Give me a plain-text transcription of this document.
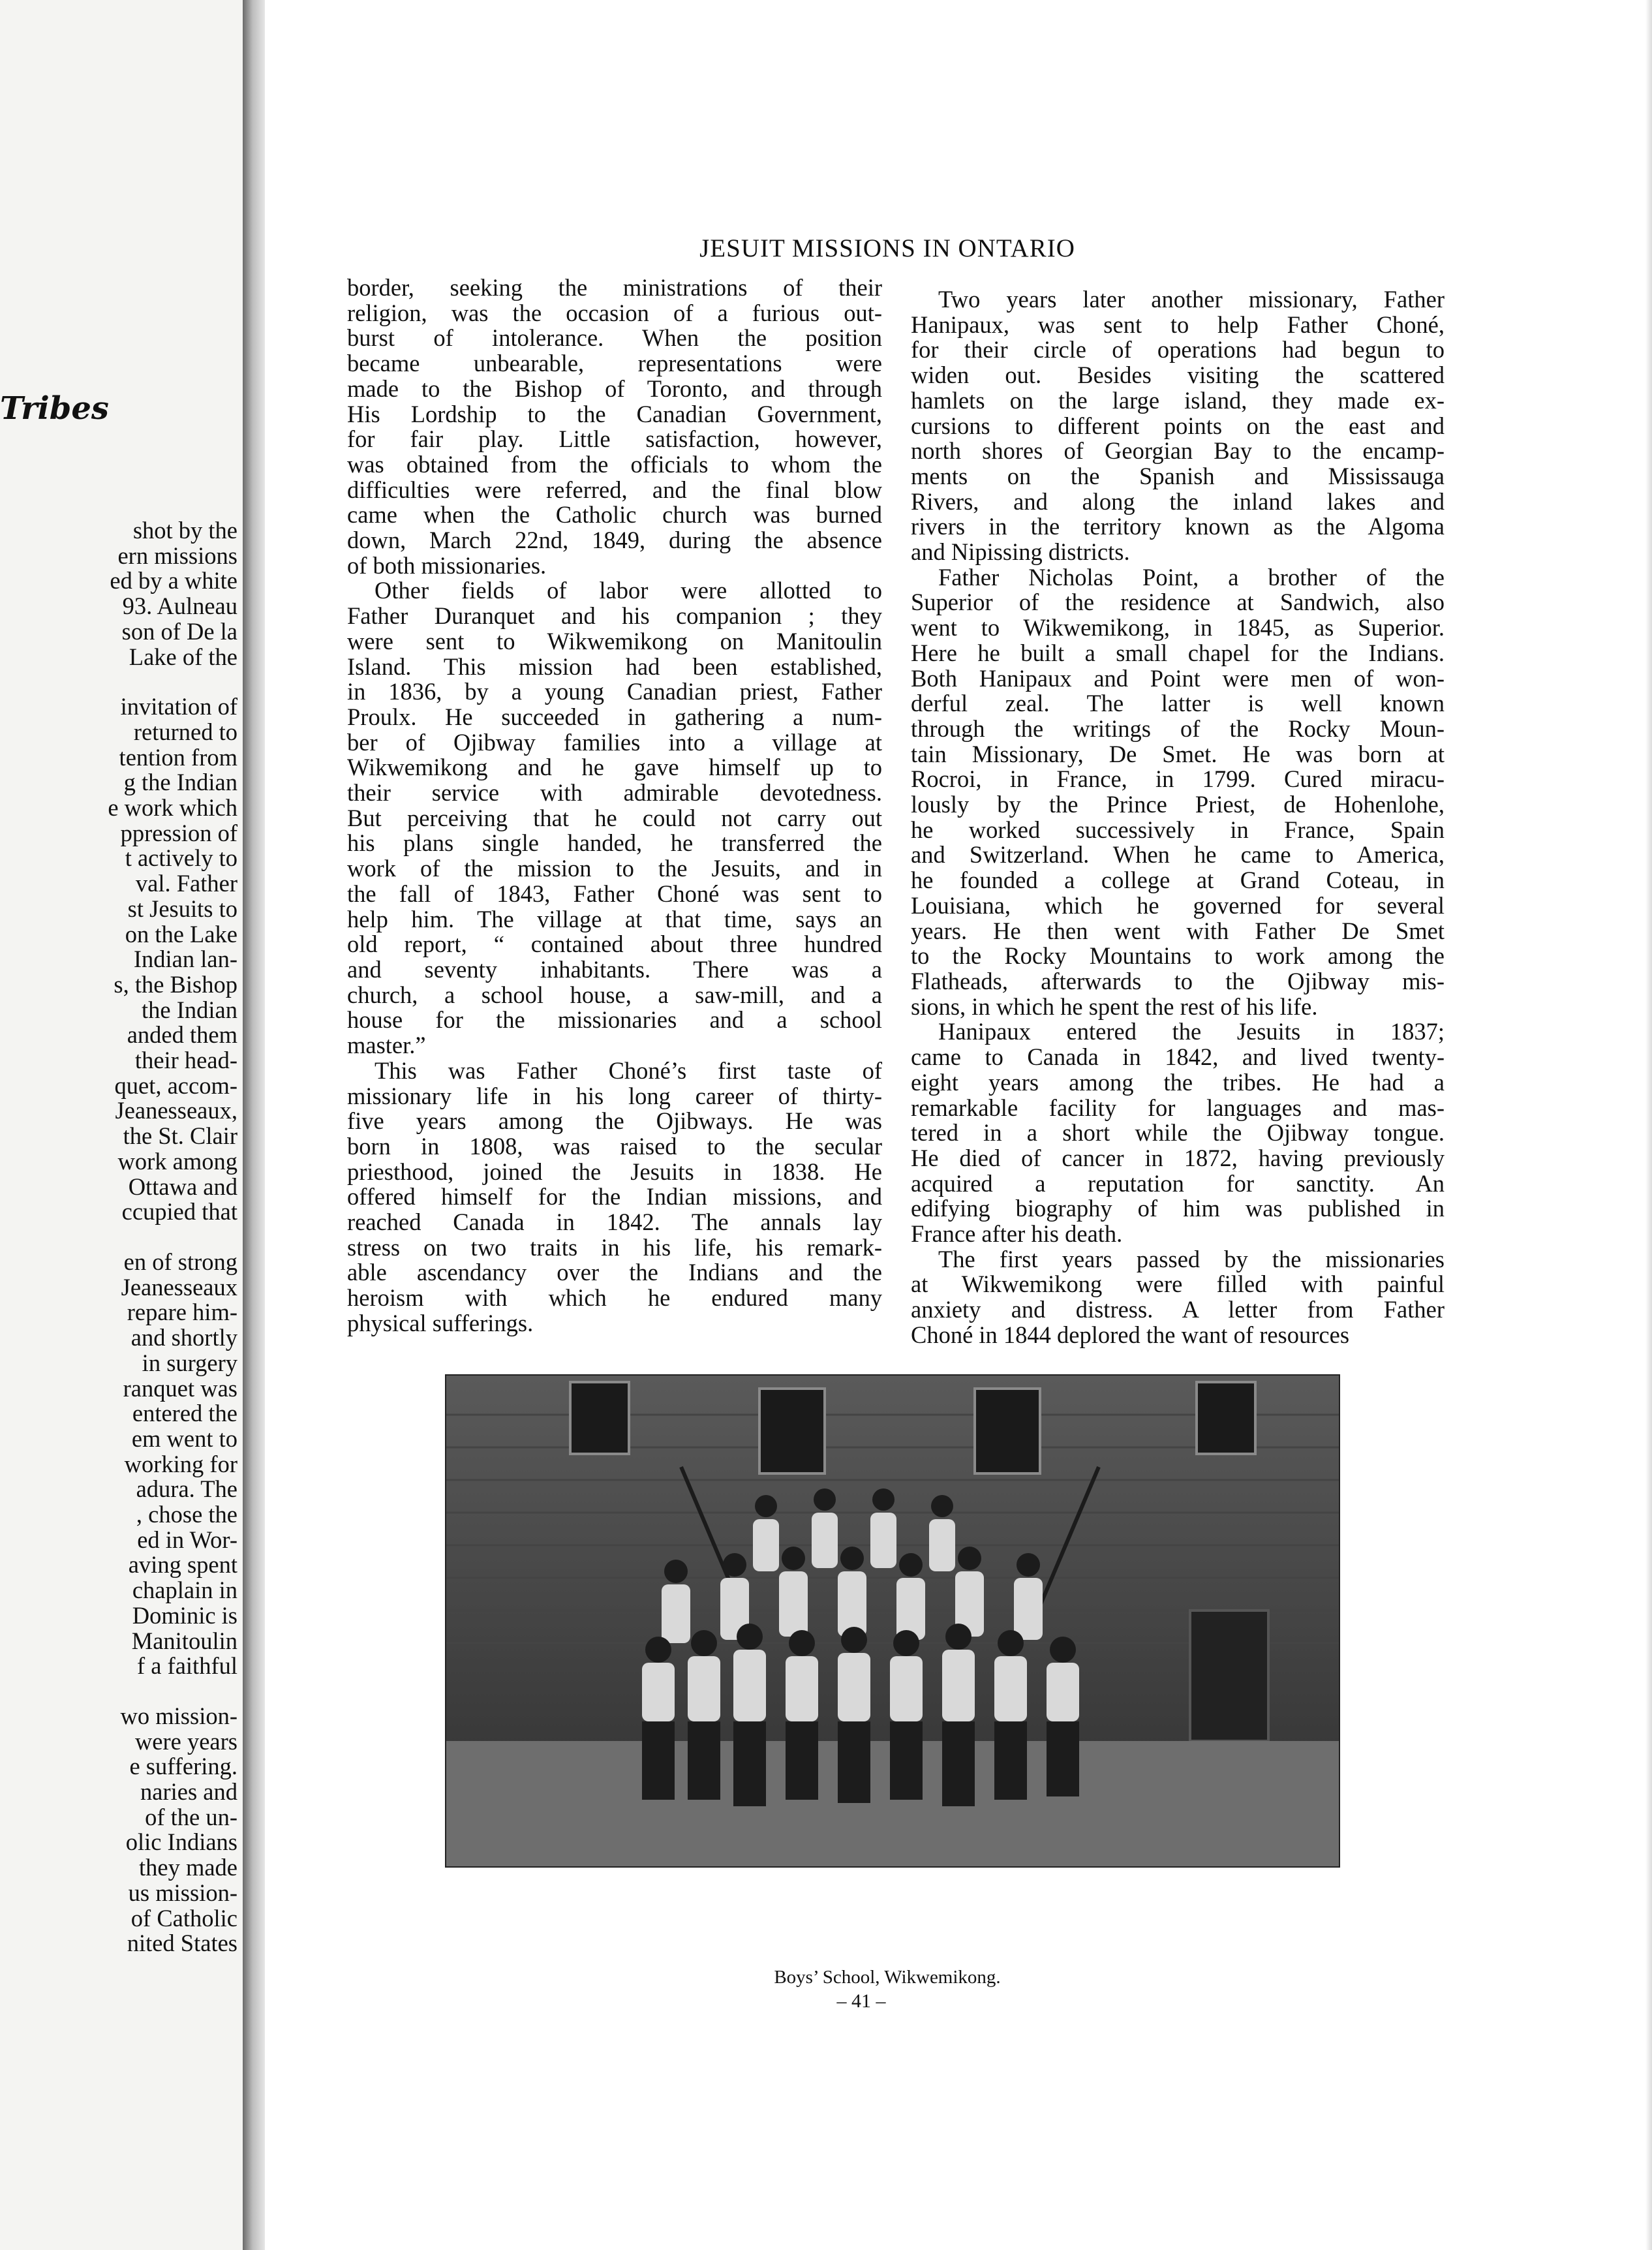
Tribes
shot by the
ern missions
ed by a white
93. Aulneau
son of De la
Lake of the
invitation of
returned to
tention from
g the Indian
e work which
ppression of
t actively to
val. Father
st Jesuits to
on the Lake
Indian lan-
s, the Bishop
the Indian
anded them
their head-
quet, accom-
Jeanesseaux,
the St. Clair
work among
Ottawa and
ccupied that
en of strong
Jeanesseaux
repare him-
and shortly
in surgery
ranquet was
entered the
em went to
working for
adura. The
, chose the
ed in Wor-
aving spent
chaplain in
Dominic is
Manitoulin
f a faithful
wo mission-
were years
e suffering.
naries and
of the un-
olic Indians
they made
us mission-
of Catholic
nited States
JESUIT MISSIONS IN ONTARIO
border, seeking the ministrations of their
religion, was the occasion of a furious out-
burst of intolerance. When the position
became unbearable, representations were
made to the Bishop of Toronto, and through
His Lordship to the Canadian Government,
for fair play. Little satisfaction, however,
was obtained from the officials to whom the
difficulties were referred, and the final blow
came when the Catholic church was burned
down, March 22nd, 1849, during the absence
of both missionaries.
Other fields of labor were allotted to
Father Duranquet and his companion ; they
were sent to Wikwemikong on Manitoulin
Island. This mission had been established,
in 1836, by a young Canadian priest, Father
Proulx. He succeeded in gathering a num-
ber of Ojibway families into a village at
Wikwemikong and he gave himself up to
their service with admirable devotedness.
But perceiving that he could not carry out
his plans single handed, he transferred the
work of the mission to the Jesuits, and in
the fall of 1843, Father Choné was sent to
help him. The village at that time, says an
old report, “ contained about three hundred
and seventy inhabitants. There was a
church, a school house, a saw-mill, and a
house for the missionaries and a school
master.”
This was Father Choné’s first taste of
missionary life in his long career of thirty-
five years among the Ojibways. He was
born in 1808, was raised to the secular
priesthood, joined the Jesuits in 1838. He
offered himself for the Indian missions, and
reached Canada in 1842. The annals lay
stress on two traits in his life, his remark-
able ascendancy over the Indians and the
heroism with which he endured many
physical sufferings.
Two years later another missionary, Father
Hanipaux, was sent to help Father Choné,
for their circle of operations had begun to
widen out. Besides visiting the scattered
hamlets on the large island, they made ex-
cursions to different points on the east and
north shores of Georgian Bay to the encamp-
ments on the Spanish and Mississauga
Rivers, and along the inland lakes and
rivers in the territory known as the Algoma
and Nipissing districts.
Father Nicholas Point, a brother of the
Superior of the residence at Sandwich, also
went to Wikwemikong, in 1845, as Superior.
Here he built a small chapel for the Indians.
Both Hanipaux and Point were men of won-
derful zeal. The latter is well known
through the writings of the Rocky Moun-
tain Missionary, De Smet. He was born at
Rocroi, in France, in 1799. Cured miracu-
lously by the Prince Priest, de Hohenlohe,
he worked successively in France, Spain
and Switzerland. When he came to America,
he founded a college at Grand Coteau, in
Louisiana, which he governed for several
years. He then went with Father De Smet
to the Rocky Mountains to work among the
Flatheads, afterwards to the Ojibway mis-
sions, in which he spent the rest of his life.
Hanipaux entered the Jesuits in 1837;
came to Canada in 1842, and lived twenty-
eight years among the tribes. He had a
remarkable facility for languages and mas-
tered in a short while the Ojibway tongue.
He died of cancer in 1872, having previously
acquired a reputation for sanctity. An
edifying biography of him was published in
France after his death.
The first years passed by the missionaries
at Wikwemikong were filled with painful
anxiety and distress. A letter from Father
Choné in 1844 deplored the want of resources
Boys’ School, Wikwemikong.
– 41 –
